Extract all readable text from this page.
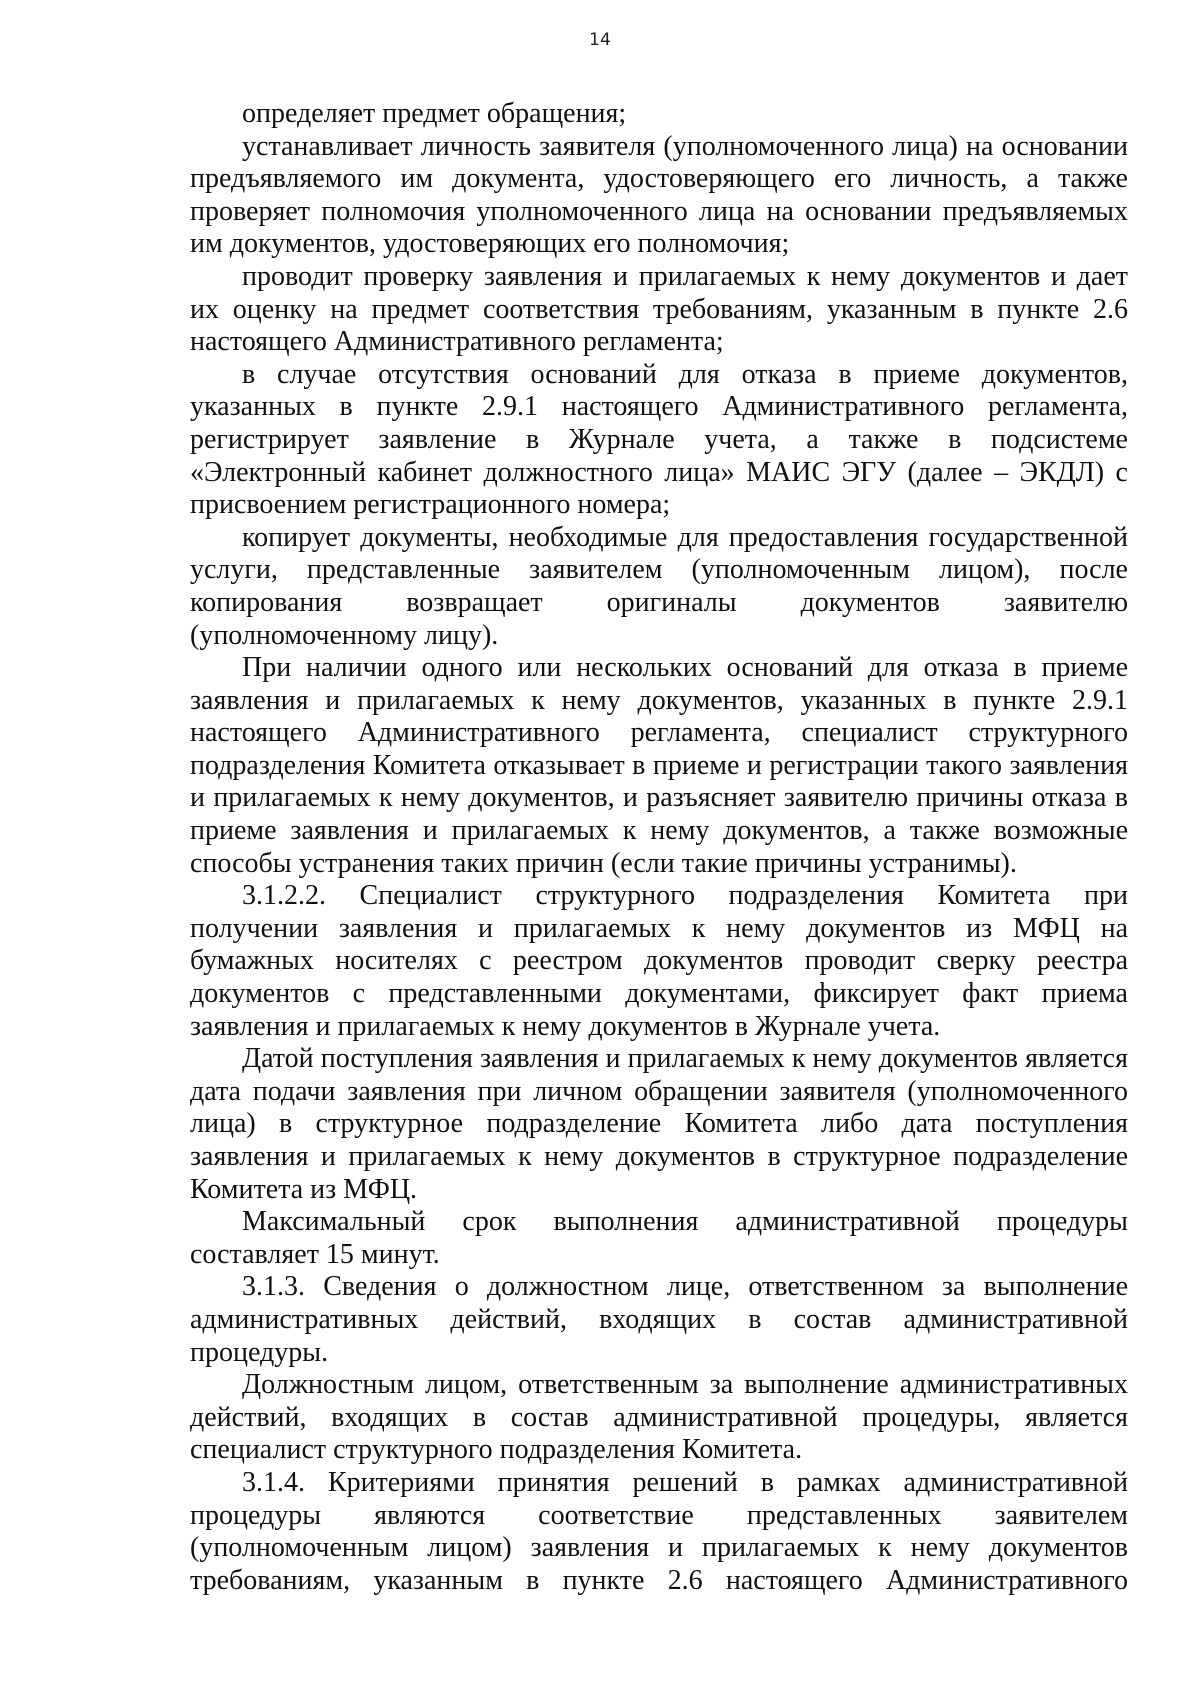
14

определяет предмет обращения;

устанавливает личность заявителя (уполномоченного лица) на основании предъявляемого им документа, удостоверяющего его личность, а также проверяет полномочия уполномоченного лица на основании предъявляемых им документов, удостоверяющих его полномочия;

проводит проверку заявления и прилагаемых к нему документов и дает их оценку на предмет соответствия требованиям, указанным в пункте 2.6 настоящего Административного регламента;

в случае отсутствия оснований для отказа в приеме документов, указанных в пункте 2.9.1 настоящего Административного регламента, регистрирует заявление в Журнале учета, а также в подсистеме «Электронный кабинет должностного лица» МАИС ЭГУ (далее – ЭКДЛ) с присвоением регистрационного номера;

копирует документы, необходимые для предоставления государственной услуги, представленные заявителем (уполномоченным лицом), после копирования возвращает оригиналы документов заявителю (уполномоченному лицу).

При наличии одного или нескольких оснований для отказа в приеме заявления и прилагаемых к нему документов, указанных в пункте 2.9.1 настоящего Административного регламента, специалист структурного подразделения Комитета отказывает в приеме и регистрации такого заявления и прилагаемых к нему документов, и разъясняет заявителю причины отказа в приеме заявления и прилагаемых к нему документов, а также возможные способы устранения таких причин (если такие причины устранимы).

3.1.2.2. Специалист структурного подразделения Комитета при получении заявления и прилагаемых к нему документов из МФЦ на бумажных носителях с реестром документов проводит сверку реестра документов с представленными документами, фиксирует факт приема заявления и прилагаемых к нему документов в Журнале учета.

Датой поступления заявления и прилагаемых к нему документов является дата подачи заявления при личном обращении заявителя (уполномоченного лица) в структурное подразделение Комитета либо дата поступления заявления и прилагаемых к нему документов в структурное подразделение Комитета из МФЦ.

Максимальный срок выполнения административной процедуры составляет 15 минут.

3.1.3. Сведения о должностном лице, ответственном за выполнение административных действий, входящих в состав административной процедуры.

Должностным лицом, ответственным за выполнение административных действий, входящих в состав административной процедуры, является специалист структурного подразделения Комитета.

3.1.4. Критериями принятия решений в рамках административной процедуры являются соответствие представленных заявителем (уполномоченным лицом) заявления и прилагаемых к нему документов требованиям, указанным в пункте 2.6 настоящего Административного
